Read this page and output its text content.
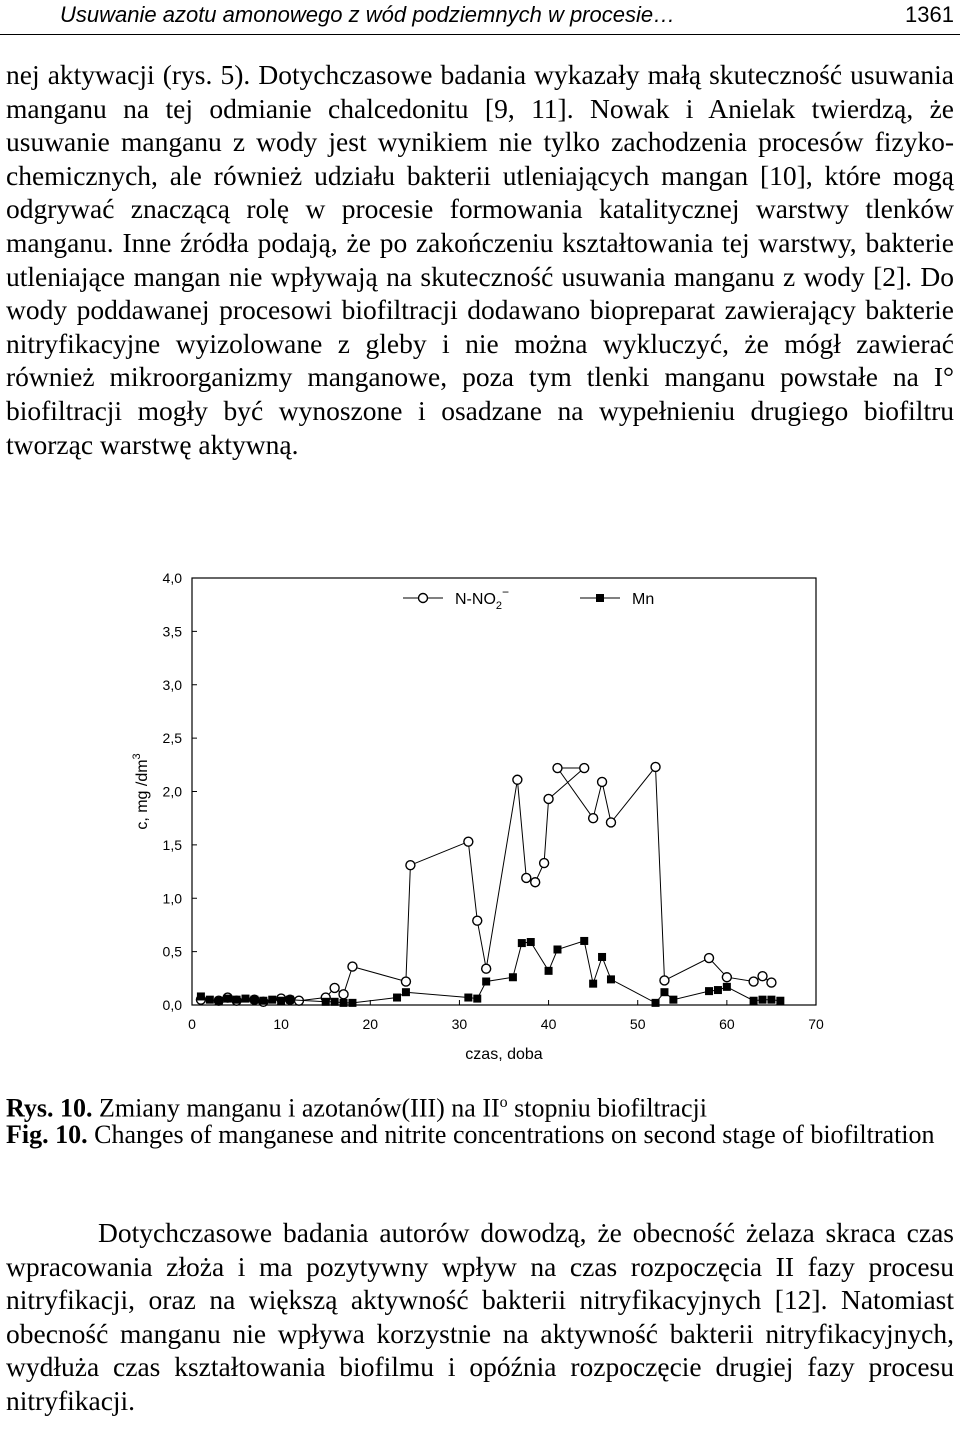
Usuwanie azotu amonowego z wód podziemnych w procesie…	1361
nej aktywacji (rys. 5). Dotychczasowe badania wykazały małą skuteczność usuwania manganu na tej odmianie chalcedonitu [9, 11]. Nowak i Anielak twierdzą, że usuwanie manganu z wody jest wynikiem nie tylko zachodzenia procesów fizyko-chemicznych, ale również udziału bakterii utleniających mangan [10], które mogą odgrywać znaczącą rolę w procesie formowania katalitycznej warstwy tlenków manganu. Inne źródła podają, że po zakończeniu kształtowania tej warstwy, bakterie utleniające mangan nie wpływają na skuteczność usuwania manganu z wody [2]. Do wody poddawanej procesowi biofiltracji dodawano biopreparat zawierający bakterie nitryfikacyjne wyizolowane z gleby i nie można wykluczyć, że mógł zawierać również mikroorganizmy manganowe, poza tym tlenki manganu powstałe na I° biofiltracji mogły być wynoszone i osadzane na wypełnieniu drugiego biofiltru tworząc warstwę aktywną.
0	10	20	30	40	50	60	70
0,0
0,5
1,0
1,5
2,0
2,5
3,0
3,5
4,0
czas, doba
c, mg $/dm^3$
$N-NO_2^-$	Mn
Rys. 10. Zmiany manganu i azotanów(III) na $II^o$ stopniu biofiltracji
Fig. 10. Changes of manganese and nitrite concentrations on second stage of biofiltration
Dotychczasowe badania autorów dowodzą, że obecność żelaza skraca czas wpracowania złoża i ma pozytywny wpływ na czas rozpoczęcia II fazy procesu nitryfikacji, oraz na większą aktywność bakterii nitryfikacyjnych [12]. Natomiast obecność manganu nie wpływa korzystnie na aktywność bakterii nitryfikacyjnych, wydłuża czas kształtowania biofilmu i opóźnia rozpoczęcie drugiej fazy procesu nitryfikacji.
